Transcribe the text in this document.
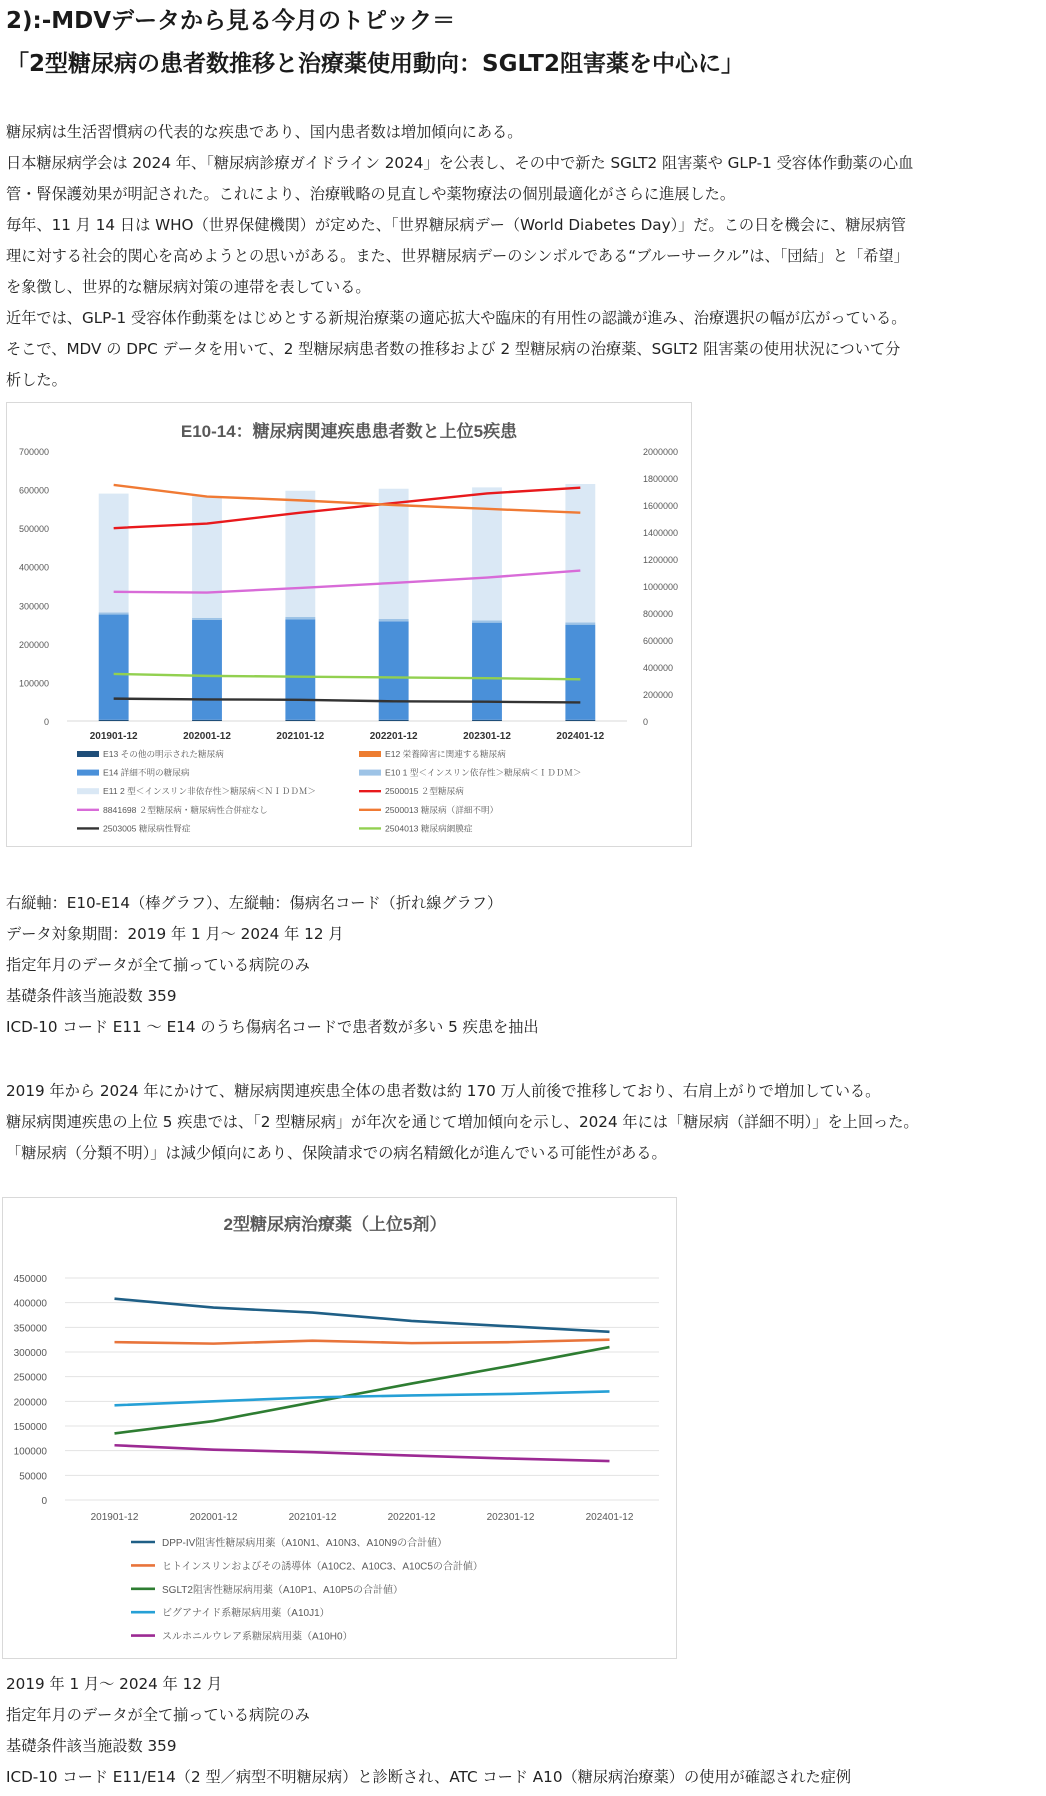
2):-MDVデータから見る今月のトピック＝
「2型糖尿病の患者数推移と治療薬使用動向：SGLT2阻害薬を中心に」

糖尿病は生活習慣病の代表的な疾患であり、国内患者数は増加傾向にある。

日本糖尿病学会は 2024 年、「糖尿病診療ガイドライン 2024」を公表し、その中で新た SGLT2 阻害薬や GLP-1 受容体作動薬の心血

管・腎保護効果が明記された。これにより、治療戦略の見直しや薬物療法の個別最適化がさらに進展した。

毎年、11 月 14 日は WHO（世界保健機関）が定めた、「世界糖尿病デー（World Diabetes Day）」だ。この日を機会に、糖尿病管

理に対する社会的関心を高めようとの思いがある。また、世界糖尿病デーのシンボルである“ブルーサークル”は、「団結」と「希望」

を象徴し、世界的な糖尿病対策の連帯を表している。

近年では、GLP-1 受容体作動薬をはじめとする新規治療薬の適応拡大や臨床的有用性の認識が進み、治療選択の幅が広がっている。

そこで、MDV の DPC データを用いて、2 型糖尿病患者数の推移および 2 型糖尿病の治療薬、SGLT2 阻害薬の使用状況について分

析した。

E10-14：糖尿病関連疾患患者数と上位5疾患
0
100000
200000
300000
400000
500000
600000
700000
0
200000
400000
600000
800000
1000000
1200000
1400000
1600000
1800000
2000000
201901-12	202001-12	202101-12	202201-12	202301-12	202401-12
E13 その他の明示された糖尿病	E12 栄養障害に関連する糖尿病
E14 詳細不明の糖尿病	E10 1 型＜インスリン依存性＞糖尿病＜ＩＤＤＭ＞
E11 2 型＜インスリン非依存性＞糖尿病＜ＮＩＤＤＭ＞	2500015 ２型糖尿病
8841698 ２型糖尿病・糖尿病性合併症なし	2500013 糖尿病（詳細不明）
2503005 糖尿病性腎症	2504013 糖尿病網膜症

右縦軸：E10-E14（棒グラフ）、左縦軸：傷病名コード（折れ線グラフ）

データ対象期間：2019 年 1 月～ 2024 年 12 月

指定年月のデータが全て揃っている病院のみ

基礎条件該当施設数 359

ICD-10 コード E11 ～ E14 のうち傷病名コードで患者数が多い 5 疾患を抽出

2019 年から 2024 年にかけて、糖尿病関連疾患全体の患者数は約 170 万人前後で推移しており、右肩上がりで増加している。

糖尿病関連疾患の上位 5 疾患では、「2 型糖尿病」が年次を通じて増加傾向を示し、2024 年には「糖尿病（詳細不明）」を上回った。

「糖尿病（分類不明）」は減少傾向にあり、保険請求での病名精緻化が進んでいる可能性がある。

2型糖尿病治療薬（上位5剤）
0
50000
100000
150000
200000
250000
300000
350000
400000
450000
201901-12	202001-12	202101-12	202201-12	202301-12	202401-12
DPP-IV阻害性糖尿病用薬（A10N1、A10N3、A10N9の合計値）
ヒトインスリンおよびその誘導体（A10C2、A10C3、A10C5の合計値）
SGLT2阻害性糖尿病用薬（A10P1、A10P5の合計値）
ビグアナイド系糖尿病用薬（A10J1）
スルホニルウレア系糖尿病用薬（A10H0）

2019 年 1 月～ 2024 年 12 月

指定年月のデータが全て揃っている病院のみ

基礎条件該当施設数 359

ICD-10 コード E11/E14（2 型／病型不明糖尿病）と診断され、ATC コード A10（糖尿病治療薬）の使用が確認された症例
